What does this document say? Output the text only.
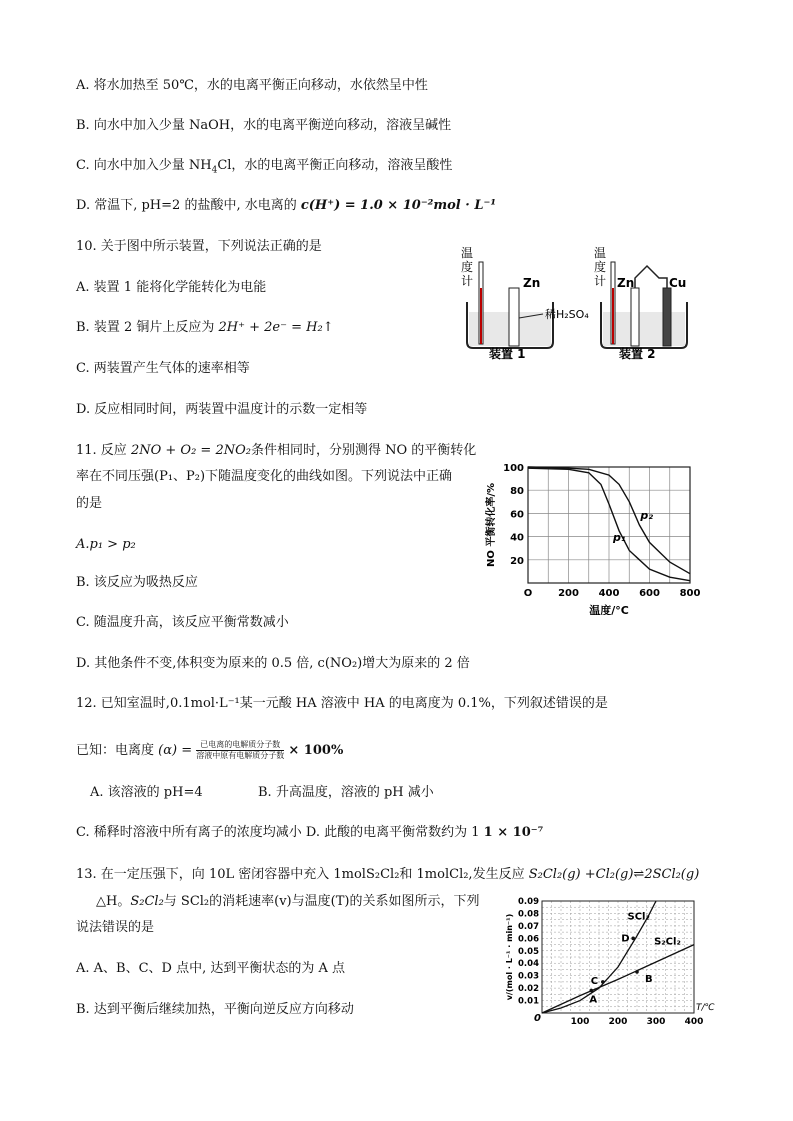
A. 将水加热至 50℃，水的电离平衡正向移动，水依然呈中性
B. 向水中加入少量 NaOH，水的电离平衡逆向移动，溶液呈碱性
C. 向水中加入少量 $NH_4Cl$，水的电离平衡正向移动，溶液呈酸性
D. 常温下, pH=2 的盐酸中, 水电离的 c(H⁺) = 1.0 × 10⁻²mol · L⁻¹
10. 关于图中所示装置，下列说法正确的是
A. 装置 1 能将化学能转化为电能
B. 装置 2 铜片上反应为 2H⁺ + 2e⁻ = H₂↑
C. 两装置产生气体的速率相等
D. 反应相同时间，两装置中温度计的示数一定相等
温
度
计	Zn
装置 1
稀H₂SO₄
温
度
计 Zn	Cu
装置 2
11. 反应 2NO + O₂ = 2NO₂条件相同时，分别测得 NO 的平衡转化
率在不同压强(P₁、P₂)下随温度变化的曲线如图。下列说法中正确
的是
A.p₁ > p₂
B. 该反应为吸热反应
C. 随温度升高，该反应平衡常数减小
D. 其他条件不变,体积变为原来的 0.5 倍, c(NO₂)增大为原来的 2 倍
O	200 400 600 800
20
40
60
80
100
温度/°C
NO 平衡转化率/%	p₁
p₂
12. 已知室温时,0.1mol·L⁻¹某一元酸 HA 溶液中 HA 的电离度为 0.1%，下列叙述错误的是
已知：电离度 $(\alpha) = \frac{\text{已电离的电解质分子数}}{\text{溶液中原有电解质分子数}} \times 100\%$
A. 该溶液的 pH=4	B. 升高温度，溶液的 pH 减小
C. 稀释时溶液中所有离子的浓度均减小 D. 此酸的电离平衡常数约为 1 1 × 10⁻⁷
13. 在一定压强下，向 10L 密闭容器中充入 1molS₂Cl₂和 1molCl₂,发生反应 S₂Cl₂(g) +Cl₂(g)⇌2SCl₂(g)
△H。S₂Cl₂与 SCl₂的消耗速率(v)与温度(T)的关系如图所示，下列
说法错误的是
A. A、B、C、D 点中, 达到平衡状态的为 A 点
B. 达到平衡后继续加热，平衡向逆反应方向移动
100 200 300 400
0
0.01
0.02
0.03
0.04
0.05
0.06
0.07
0.08
0.09
T/℃
v/(mol · L⁻¹ · min⁻¹)	SCl₂
S₂Cl₂
A
B
C
D
